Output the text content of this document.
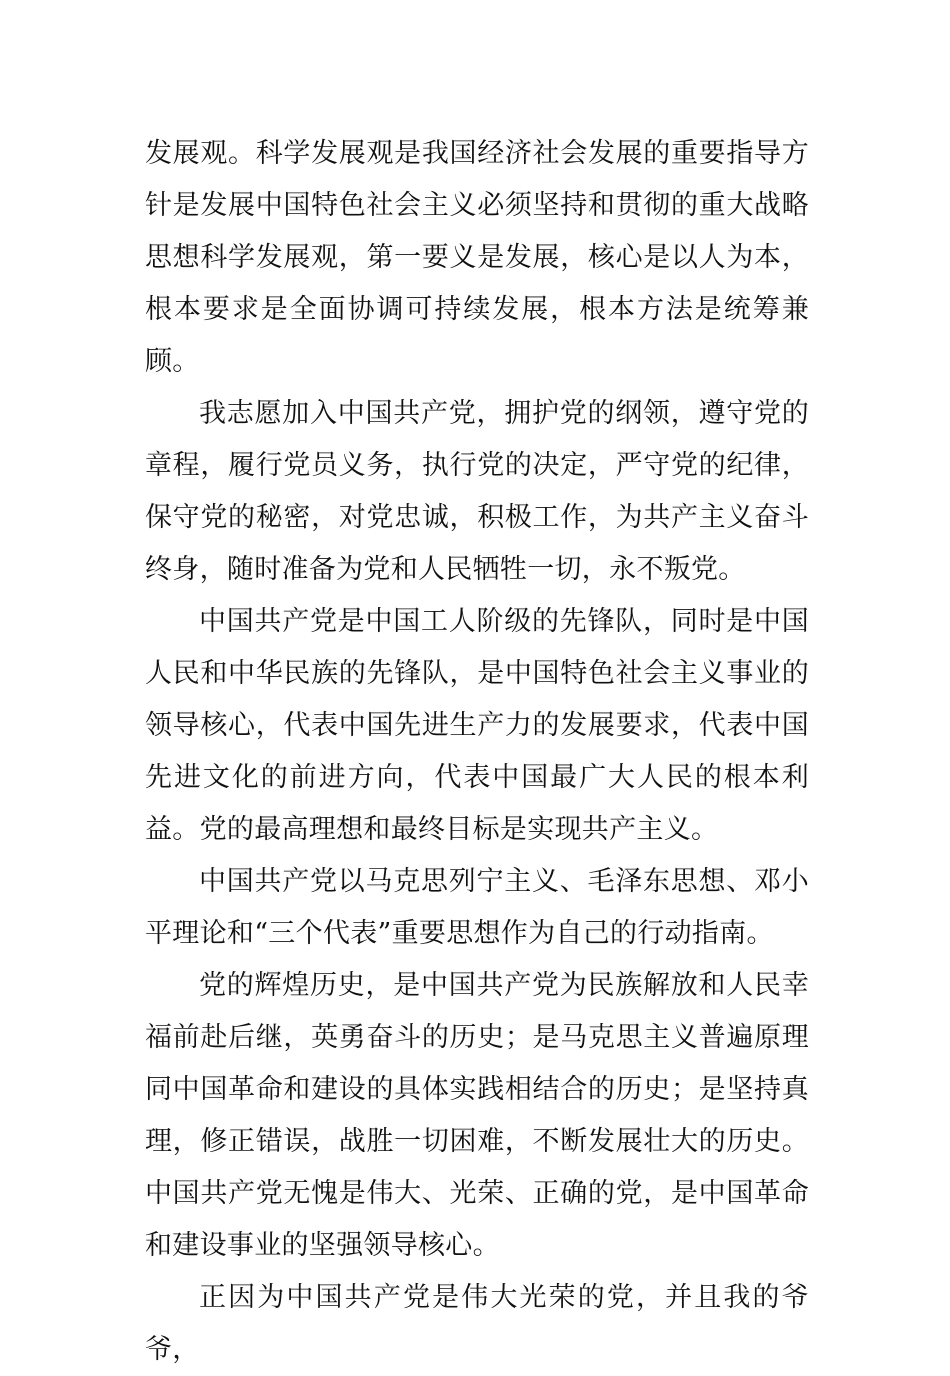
发展观。科学发展观是我国经济社会发展的重要指导方针是发展中国特色社会主义必须坚持和贯彻的重大战略思想科学发展观，第一要义是发展，核心是以人为本，根本要求是全面协调可持续发展，根本方法是统筹兼顾。

我志愿加入中国共产党，拥护党的纲领，遵守党的章程，履行党员义务，执行党的决定，严守党的纪律，保守党的秘密，对党忠诚，积极工作，为共产主义奋斗终身，随时准备为党和人民牺牲一切，永不叛党。

中国共产党是中国工人阶级的先锋队，同时是中国人民和中华民族的先锋队，是中国特色社会主义事业的领导核心，代表中国先进生产力的发展要求，代表中国先进文化的前进方向，代表中国最广大人民的根本利益。党的最高理想和最终目标是实现共产主义。

中国共产党以马克思列宁主义、毛泽东思想、邓小平理论和“三个代表”重要思想作为自己的行动指南。

党的辉煌历史，是中国共产党为民族解放和人民幸福前赴后继，英勇奋斗的历史；是马克思主义普遍原理同中国革命和建设的具体实践相结合的历史；是坚持真理，修正错误，战胜一切困难，不断发展壮大的历史。中国共产党无愧是伟大、光荣、正确的党，是中国革命和建设事业的坚强领导核心。

正因为中国共产党是伟大光荣的党，并且我的爷爷，
